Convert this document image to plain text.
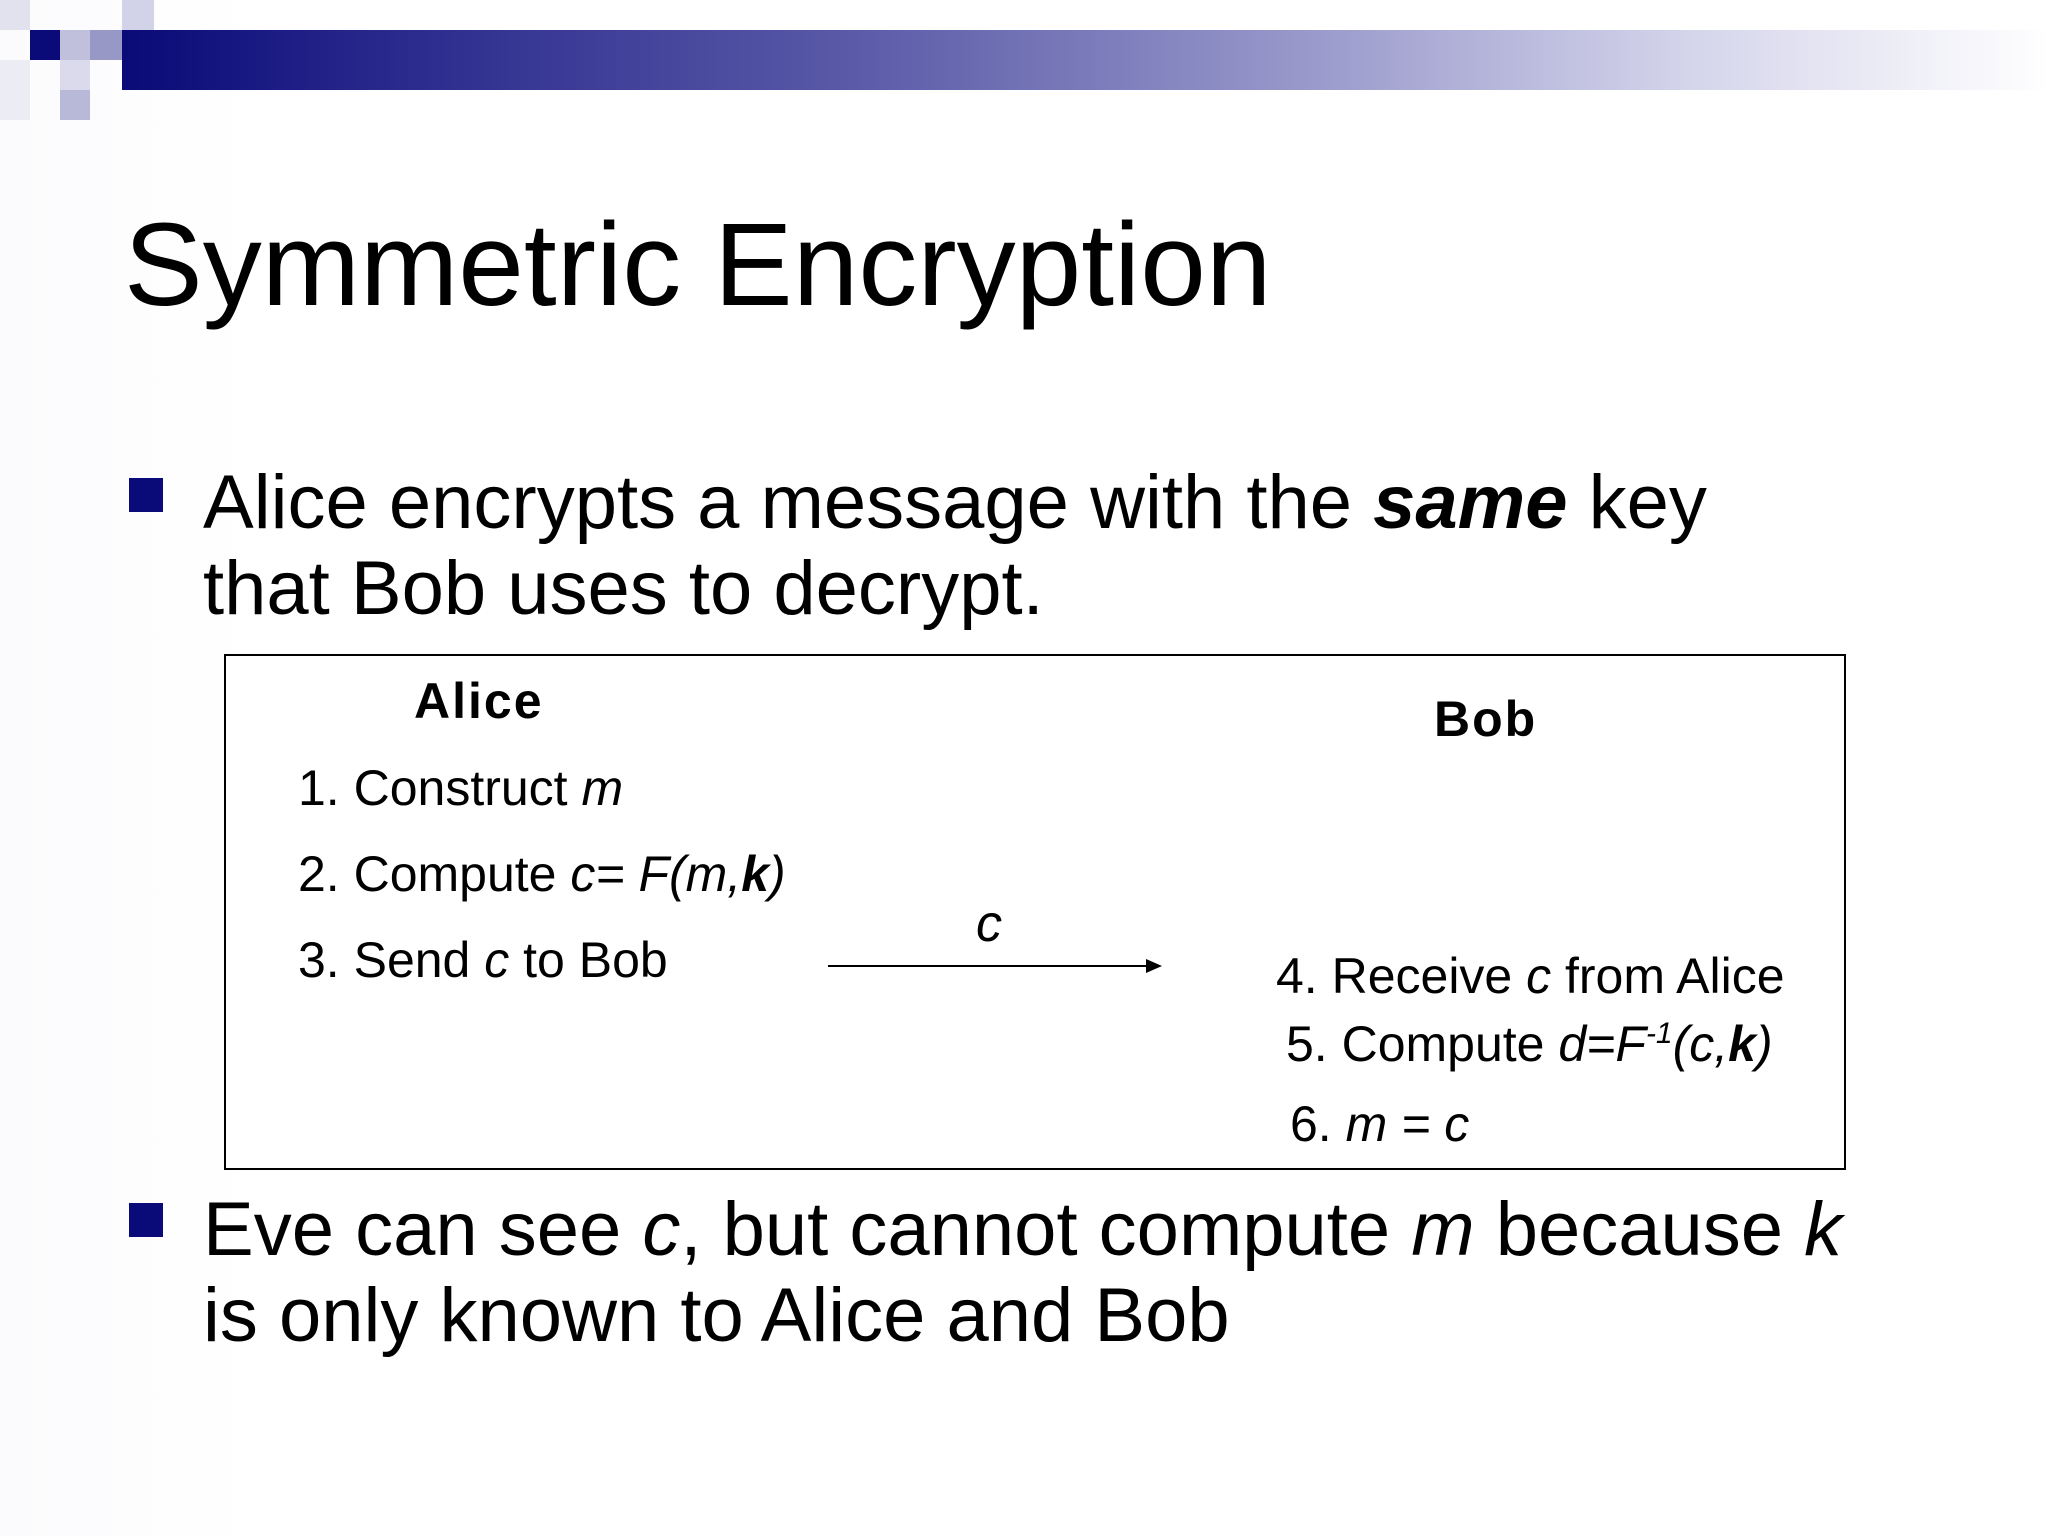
Symmetric Encryption
Alice encrypts a message with the same key
that Bob uses to decrypt.
Alice	Bob
1. Construct m
2. Compute c= F(m,k)
3. Send c to Bob
c
4. Receive c from Alice
5. Compute $d=F^{-1}(c,k)$
6. m = c
Eve can see c, but cannot compute m because k
is only known to Alice and Bob
